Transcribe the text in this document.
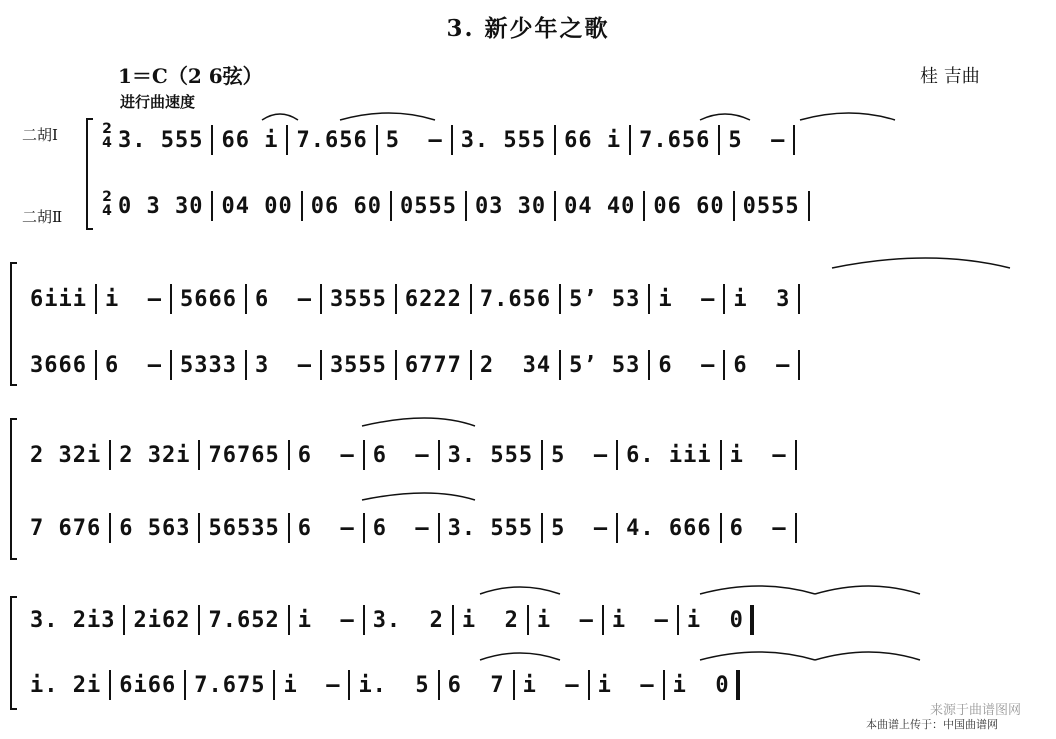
3. 新少年之歌
1＝C（2 6弦）	桂 吉曲
进行曲速度
二胡Ⅰ
二胡Ⅱ
2
4
2
4
3. 555 66 i 7.656 5  – 3. 555 66 i 7.656 5  –
0 3 30 04 00 06 60 0555 03 30 04 40 06 60 0555
6iii i  – 5666 6  – 3555 6222 7.656 5’ 53 i  – i  3
3666 6  – 5333 3  – 3555 6777 2  34 5’ 53 6  – 6  –
2 32i 2 32i 76765 6  – 6  – 3. 555 5  – 6. iii i  –
7 676 6 563 56535 6  – 6  – 3. 555 5  – 4. 666 6  –
3. 2i3 2i62 7.652 i  – 3.  2 i  2 i  – i  – i  0
i. 2i 6i66 7.675 i  – i.  5 6  7 i  – i  – i  0
本曲谱上传于：中国曲谱网
来源于曲谱图网
